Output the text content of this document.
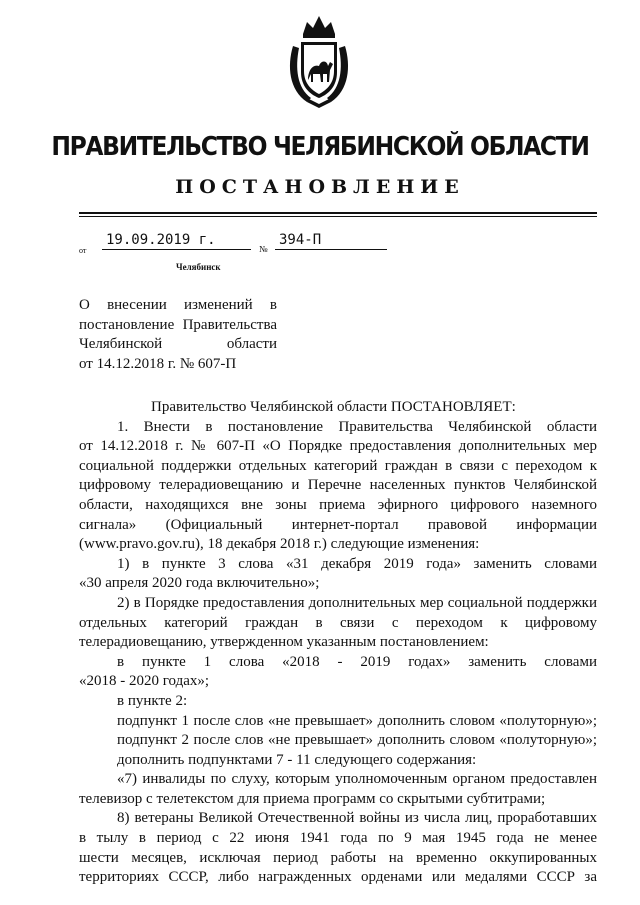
ПРАВИТЕЛЬСТВО ЧЕЛЯБИНСКОЙ ОБЛАСТИ
ПОСТАНОВЛЕНИЕ
от
19.09.2019 г.
№
394-П
Челябинск
О внесении изменений в
постановление Правительства
Челябинской области
от 14.12.2018 г. № 607-П
Правительство Челябинской области ПОСТАНОВЛЯЕТ:
1. Внести в постановление Правительства Челябинской области
от 14.12.2018 г. № 607-П «О Порядке предоставления дополнительных мер
социальной поддержки отдельных категорий граждан в связи с переходом к
цифровому телерадиовещанию и Перечне населенных пунктов Челябинской
области, находящихся вне зоны приема эфирного цифрового наземного
сигнала» (Официальный интернет-портал правовой информации
(www.pravo.gov.ru), 18 декабря 2018 г.) следующие изменения:
1) в пункте 3 слова «31 декабря 2019 года» заменить словами
«30 апреля 2020 года включительно»;
2) в Порядке предоставления дополнительных мер социальной поддержки
отдельных категорий граждан в связи с переходом к цифровому
телерадиовещанию, утвержденном указанным постановлением:
в пункте 1 слова «2018 - 2019 годах» заменить словами
«2018 - 2020 годах»;
в пункте 2:
подпункт 1 после слов «не превышает» дополнить словом «полуторную»;
подпункт 2 после слов «не превышает» дополнить словом «полуторную»;
дополнить подпунктами 7 - 11 следующего содержания:
«7) инвалиды по слуху, которым уполномоченным органом предоставлен
телевизор с телетекстом для приема программ со скрытыми субтитрами;
8) ветераны Великой Отечественной войны из числа лиц, проработавших
в тылу в период с 22 июня 1941 года по 9 мая 1945 года не менее
шести месяцев, исключая период работы на временно оккупированных
территориях СССР, либо награжденных орденами или медалями СССР за
